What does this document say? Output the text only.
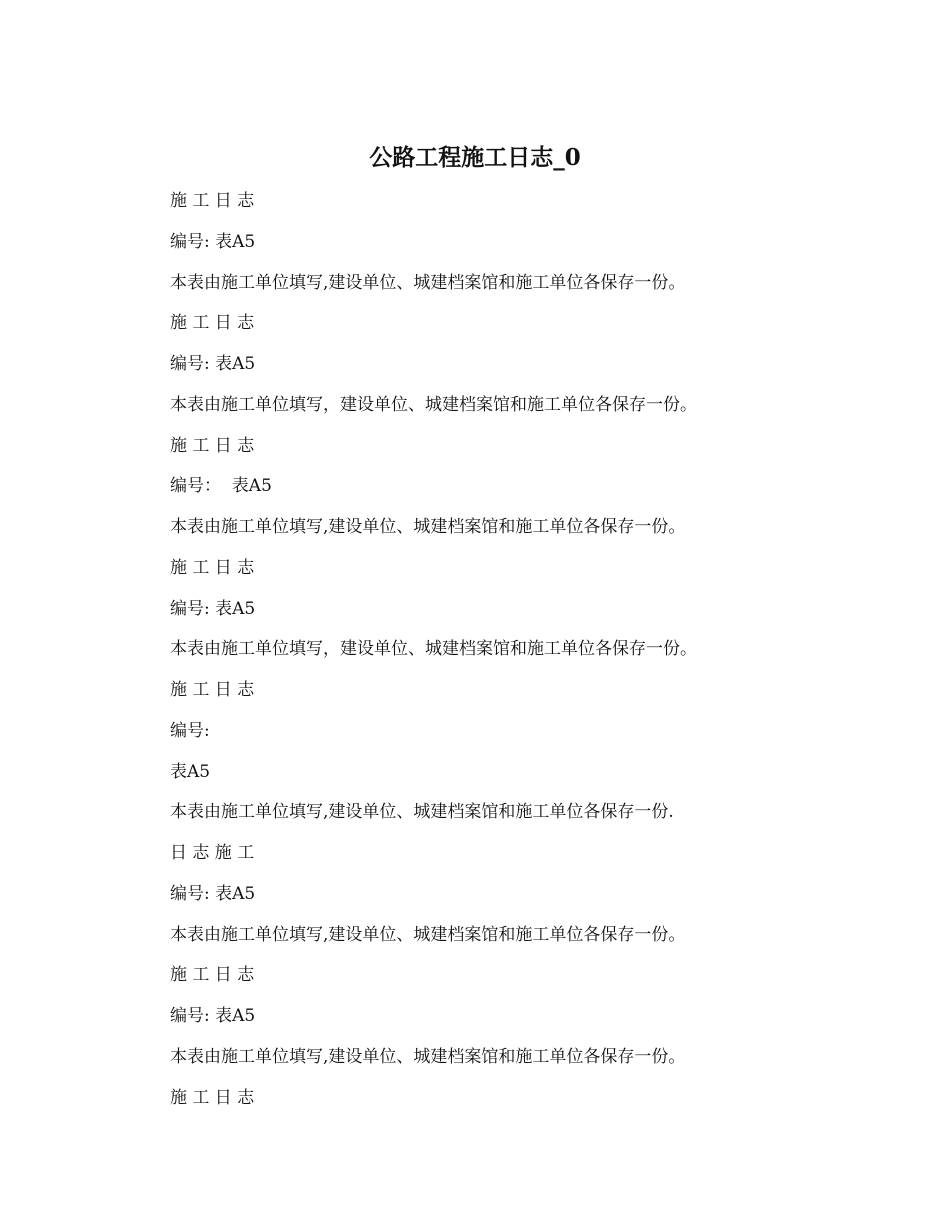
公路工程施工日志_0
施 工 日 志
编号: 表A5
本表由施工单位填写,建设单位、城建档案馆和施工单位各保存一份。
施 工 日 志
编号: 表A5
本表由施工单位填写，建设单位、城建档案馆和施工单位各保存一份。
施 工 日 志
编号：  表A5
本表由施工单位填写,建设单位、城建档案馆和施工单位各保存一份。
施 工 日 志
编号: 表A5
本表由施工单位填写，建设单位、城建档案馆和施工单位各保存一份。
施 工 日 志
编号:
表A5
本表由施工单位填写,建设单位、城建档案馆和施工单位各保存一份.
日 志 施 工
编号: 表A5
本表由施工单位填写,建设单位、城建档案馆和施工单位各保存一份。
施 工 日 志
编号: 表A5
本表由施工单位填写,建设单位、城建档案馆和施工单位各保存一份。
施 工 日 志
